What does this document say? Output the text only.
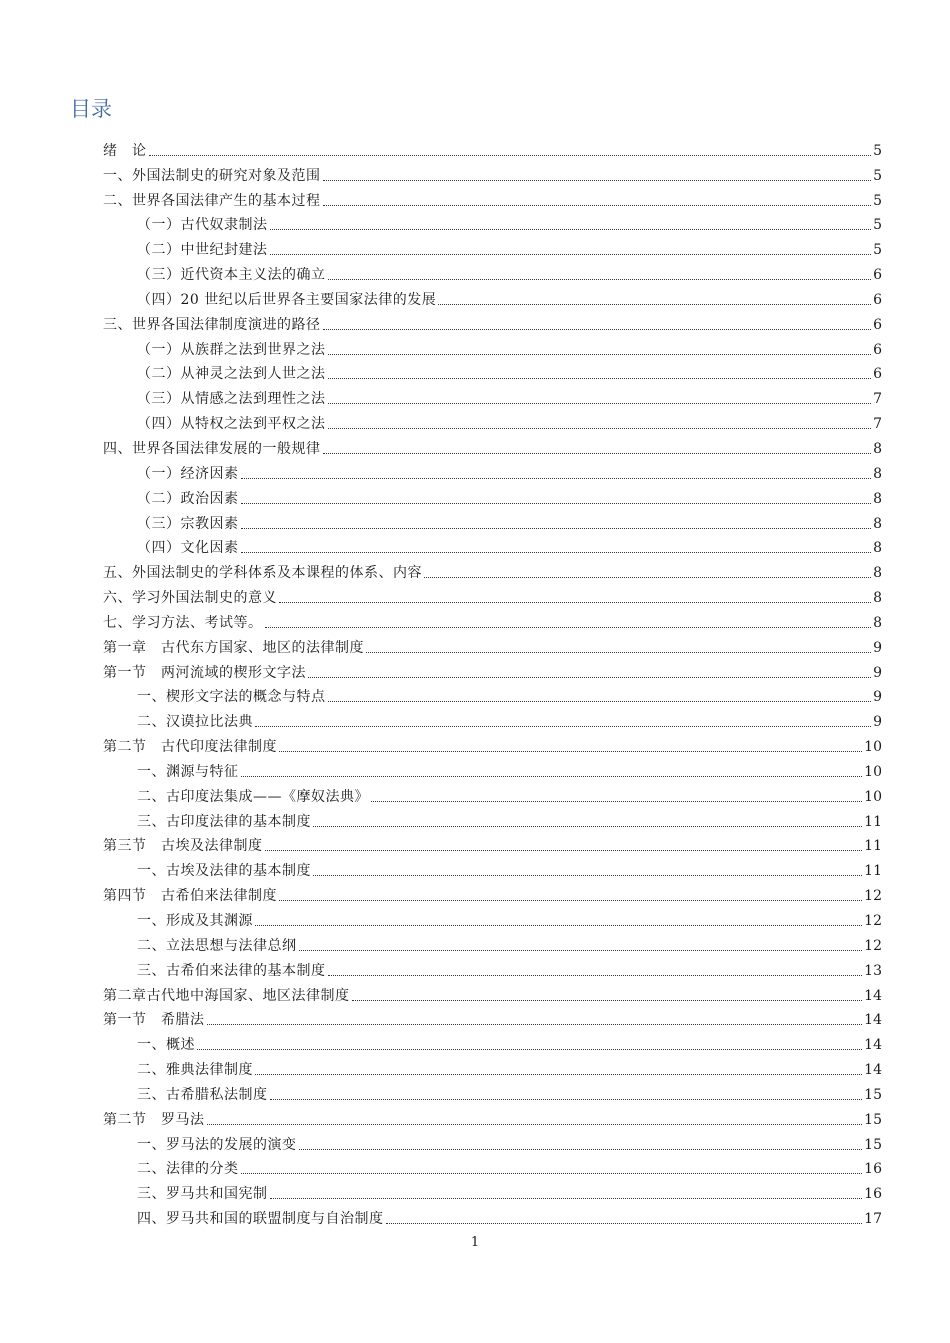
目录
绪　论	5
一、外国法制史的研究对象及范围	5
二、世界各国法律产生的基本过程	5
（一）古代奴隶制法	5
（二）中世纪封建法	5
（三）近代资本主义法的确立	6
（四）20 世纪以后世界各主要国家法律的发展	6
三、世界各国法律制度演进的路径	6
（一）从族群之法到世界之法	6
（二）从神灵之法到人世之法	6
（三）从情感之法到理性之法	7
（四）从特权之法到平权之法	7
四、世界各国法律发展的一般规律	8
（一）经济因素	8
（二）政治因素	8
（三）宗教因素	8
（四）文化因素	8
五、外国法制史的学科体系及本课程的体系、内容	8
六、学习外国法制史的意义	8
七、学习方法、考试等。	8
第一章　古代东方国家、地区的法律制度	9
第一节　两河流域的楔形文字法	9
一、楔形文字法的概念与特点	9
二、汉谟拉比法典	9
第二节　古代印度法律制度	10
一、渊源与特征	10
二、古印度法集成——《摩奴法典》	10
三、古印度法律的基本制度	11
第三节　古埃及法律制度	11
一、古埃及法律的基本制度	11
第四节　古希伯来法律制度	12
一、形成及其渊源	12
二、立法思想与法律总纲	12
三、古希伯来法律的基本制度	13
第二章古代地中海国家、地区法律制度	14
第一节　希腊法	14
一、概述	14
二、雅典法律制度	14
三、古希腊私法制度	15
第二节　罗马法	15
一、罗马法的发展的演变	15
二、法律的分类	16
三、罗马共和国宪制	16
四、罗马共和国的联盟制度与自治制度	17
1
